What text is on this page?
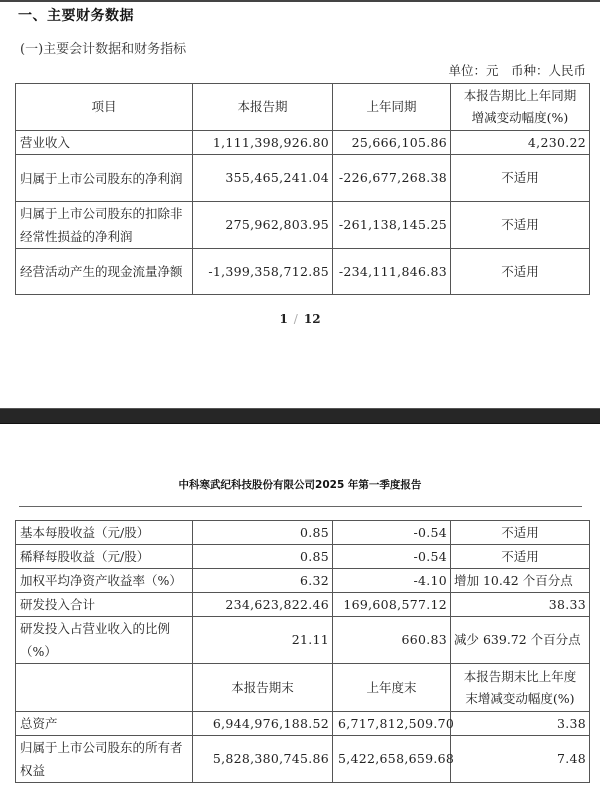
一、主要财务数据
(一)主要会计数据和财务指标
单位：元　币种：人民币
项目	本报告期	上年同期	本报告期比上年同期
增减变动幅度(%)

营业收入	1,111,398,926.80	25,666,105.86	4,230.22
归属于上市公司股东的净利润	355,465,241.04	-226,677,268.38	不适用
归属于上市公司股东的扣除非经常性损益的净利润	275,962,803.95	-261,138,145.25	不适用
经营活动产生的现金流量净额	-1,399,358,712.85	-234,111,846.83	不适用
1 / 12
中科寒武纪科技股份有限公司2025 年第一季度报告
基本每股收益（元/股）	0.85	-0.54	不适用
稀释每股收益（元/股）	0.85	-0.54	不适用
加权平均净资产收益率（%）	6.32	-4.10	增加 10.42 个百分点
研发投入合计	234,623,822.46	169,608,577.12	38.33
研发投入占营业收入的比例（%）	21.11	660.83	减少 639.72 个百分点
	本报告期末	上年度末	本报告期末比上年度
末增减变动幅度(%)

总资产	6,944,976,188.52	6,717,812,509.70	3.38
归属于上市公司股东的所有者权益	5,828,380,745.86	5,422,658,659.68	7.48
